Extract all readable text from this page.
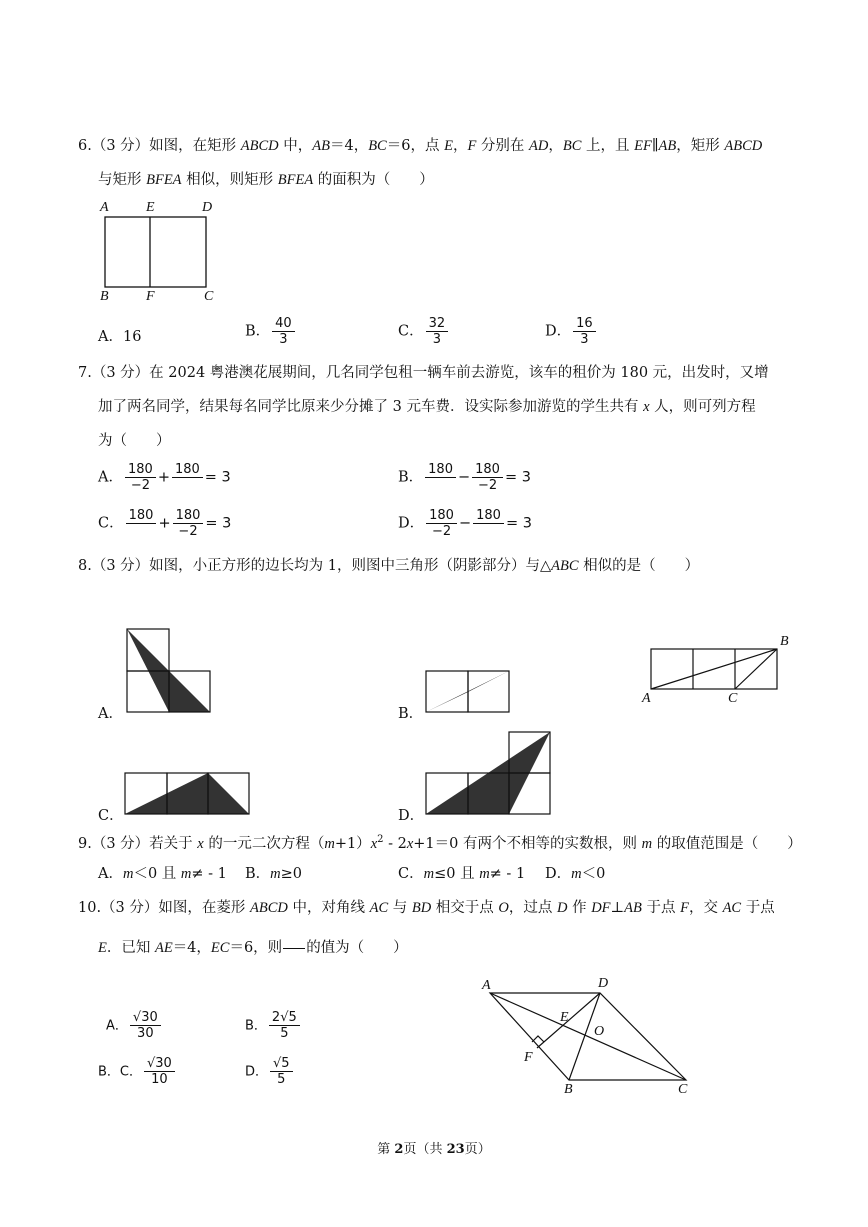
6.（3 分）如图，在矩形 ABCD 中，AB＝4，BC＝6，点 E，F 分别在 AD，BC 上，且 EF∥AB，矩形 ABCD
与矩形 BFEA 相似，则矩形 BFEA 的面积为（　　）
A	E	D
B	F	C
A．16	B． $\frac{40}{3}$	C． $\frac{32}{3}$	D． $\frac{16}{3}$
7.（3 分）在 2024 粤港澳花展期间，几名同学包租一辆车前去游览，该车的租价为 180 元，出发时，又增
加了两名同学，结果每名同学比原来少分摊了 3 元车费．设实际参加游览的学生共有 x 人，则可列方程
为（　　）
A． $\frac{180}{-2} + 180 = 3$	B． $180 - \frac{180}{-2} = 3$
C． $180 + \frac{180}{-2} = 3$	D． $\frac{180}{-2} - 180 = 3$
8.（3 分）如图，小正方形的边长均为 1，则图中三角形（阴影部分）与△ABC 相似的是（　　）
A	C
B
A．	B．
C．	D．
9.（3 分）若关于 x 的一元二次方程$(m+1)x^2 - 2x+1=0$ 有两个不相等的实数根，则 m 的取值范围是（　　）
A．m＜0 且 m≠ - 1 B．m≥0	C．m≤0 且 m≠ - 1 D．m＜0
10.（3 分）如图，在菱形 ABCD 中，对角线 AC 与 BD 相交于点 O，过点 D 作 DF⊥AB 于点 F，交 AC 于点
E．已知 AE＝4，EC＝6，则 的值为（　　）
A	D
E
O
F
B	C
A． $\frac{√30}{30}$	B． $\frac{2√5}{5}$
B．C． $\frac{√30}{10}$	D． $\frac{√5}{5}$
第 2页（共 23页）
